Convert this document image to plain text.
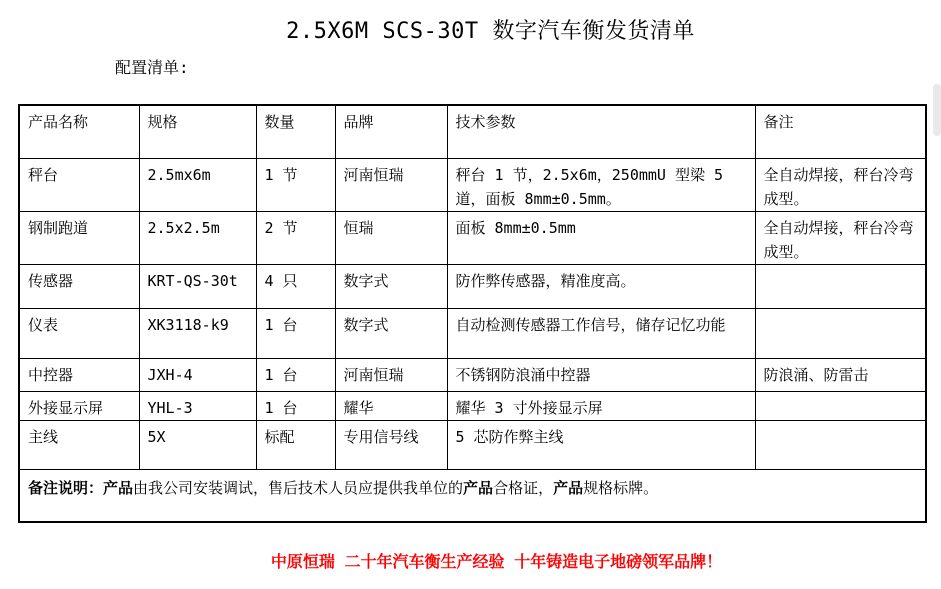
2.5X6M SCS-30T 数字汽车衡发货清单
配置清单:
产品名称	规格	数量	品牌	技术参数	备注
秤台	2.5mx6m	1 节	河南恒瑞	秤台 1 节，2.5x6m，250mmU 型梁 5 道，面板 8mm±0.5mm。	全自动焊接，秤台冷弯成型。
钢制跑道	2.5x2.5m	2 节	恒瑞	面板 8mm±0.5mm	全自动焊接，秤台冷弯成型。
传感器	KRT-QS-30t	4 只	数字式	防作弊传感器，精准度高。	
仪表	XK3118-k9	1 台	数字式	自动检测传感器工作信号，储存记忆功能	
中控器	JXH-4	1 台	河南恒瑞	不锈钢防浪涌中控器	防浪涌、防雷击
外接显示屏	YHL-3	1 台	耀华	耀华 3 寸外接显示屏	
主线	5X	标配	专用信号线	5 芯防作弊主线	
备注说明：产品由我公司安装调试，售后技术人员应提供我单位的产品合格证，产品规格标牌。					
中原恒瑞 二十年汽车衡生产经验 十年铸造电子地磅领军品牌！
